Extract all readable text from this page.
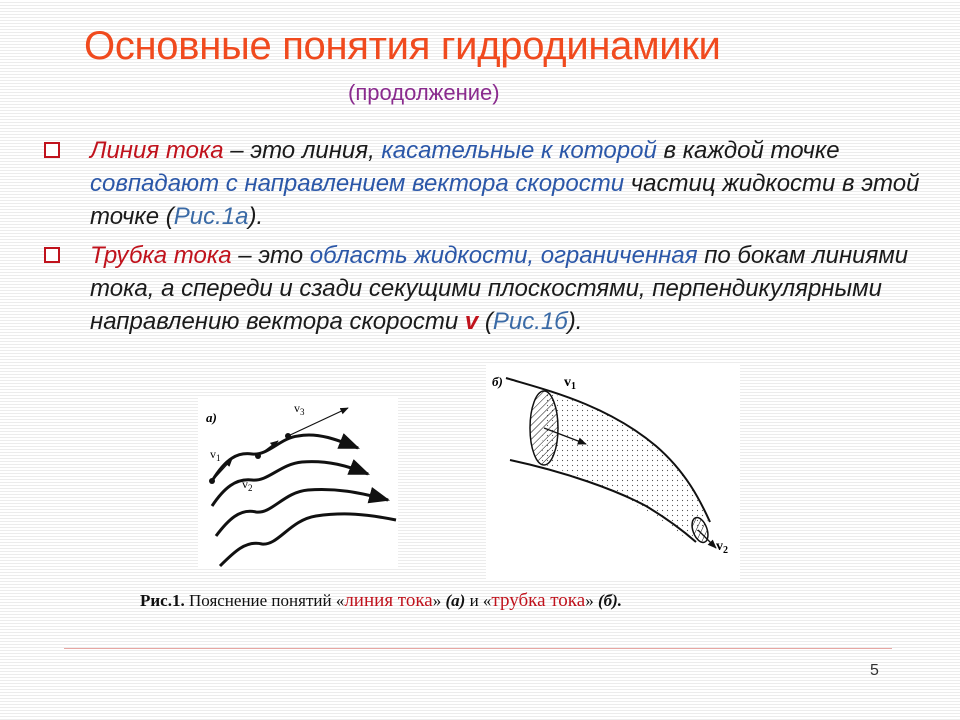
Основные понятия гидродинамики
(продолжение)
Линия тока – это линия, касательные к которой в каждой точке совпадают с направлением вектора скорости частиц жидкости в этой точке (Рис.1а).
Трубка тока – это область жидкости, ограниченная по бокам линиями тока, а спереди и сзади секущими плоскостями, перпендикулярными направлению вектора скорости v (Рис.1б).
а)
$v_1$
$v_2$
$v_3$
б)	$v_1$
$v_2$
Рис.1. Пояснение понятий «линия тока» (а) и «трубка тока» (б).
5
